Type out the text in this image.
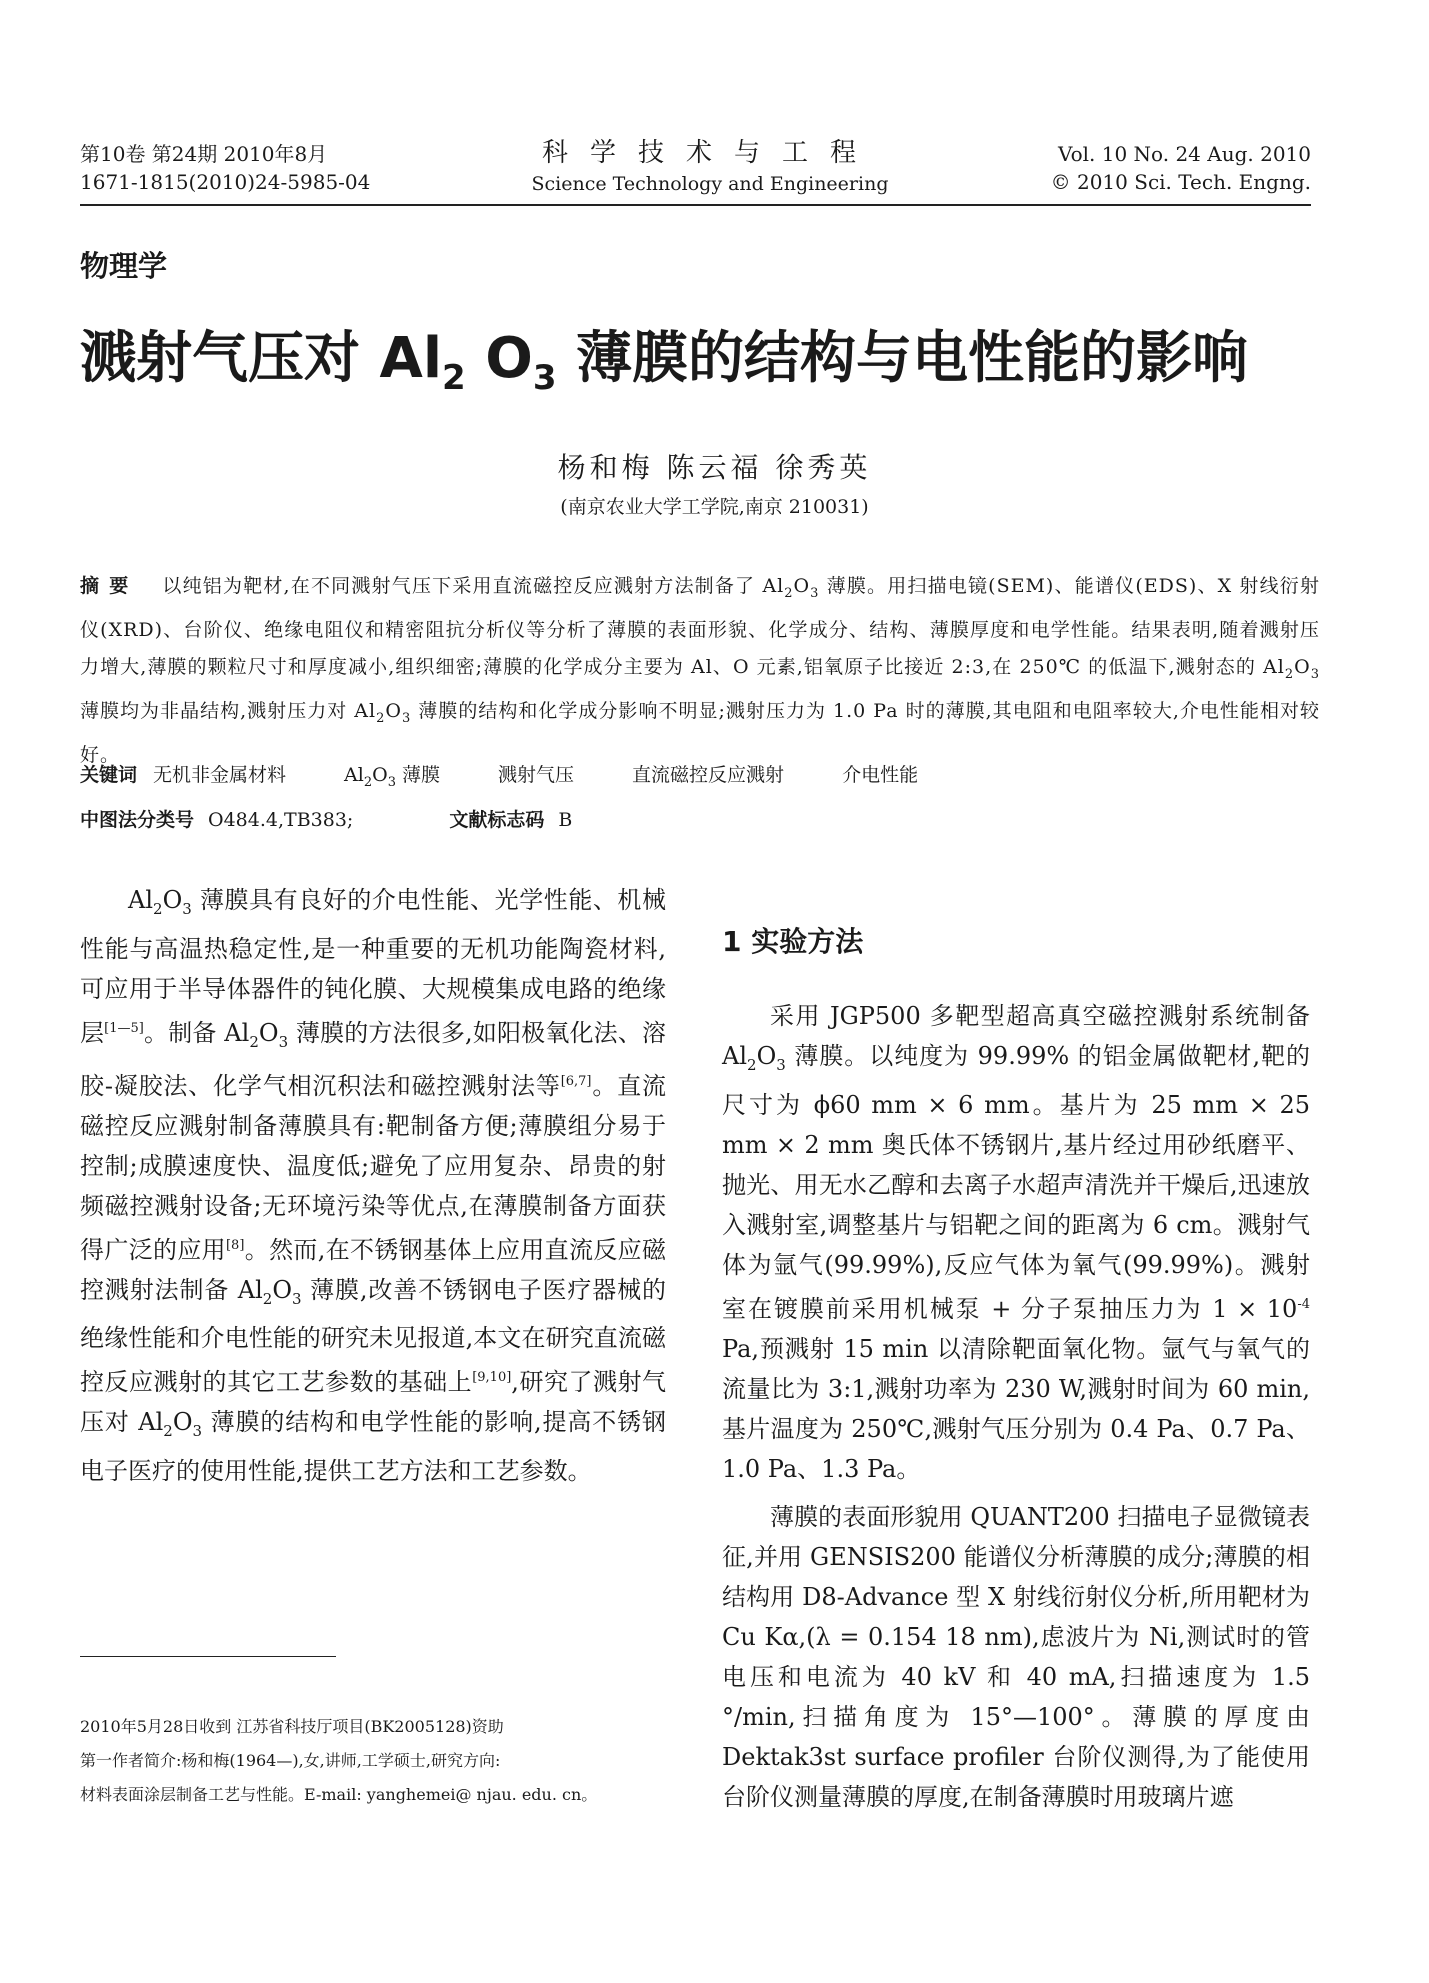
第10卷 第24期 2010年8月
1671-1815(2010)24-5985-04
科学技术与工程
Science Technology and Engineering
Vol. 10 No. 24 Aug. 2010
© 2010 Sci. Tech. Engng.
物理学
溅射气压对 $Al_2$ $O_3$ 薄膜的结构与电性能的影响
杨和梅 陈云福 徐秀英
(南京农业大学工学院,南京 210031)
摘要 以纯铝为靶材,在不同溅射气压下采用直流磁控反应溅射方法制备了 $Al_2O_3$ 薄膜。用扫描电镜(SEM)、能谱仪(EDS)、X 射线衍射仪(XRD)、台阶仪、绝缘电阻仪和精密阻抗分析仪等分析了薄膜的表面形貌、化学成分、结构、薄膜厚度和电学性能。结果表明,随着溅射压力增大,薄膜的颗粒尺寸和厚度减小,组织细密;薄膜的化学成分主要为 Al、O 元素,铝氧原子比接近 2:3,在 250℃ 的低温下,溅射态的 $Al_2O_3$ 薄膜均为非晶结构,溅射压力对 $Al_2O_3$ 薄膜的结构和化学成分影响不明显;溅射压力为 1.0 Pa 时的薄膜,其电阻和电阻率较大,介电性能相对较好。
关键词 无机非金属材料	$Al_2O_3$ 薄膜	溅射气压	直流磁控反应溅射	介电性能
中图法分类号 O484.4,TB383;	文献标志码 B

$Al_2O_3$ 薄膜具有良好的介电性能、光学性能、机械性能与高温热稳定性,是一种重要的无机功能陶瓷材料,可应用于半导体器件的钝化膜、大规模集成电路的绝缘层[1—5]。制备 $Al_2O_3$ 薄膜的方法很多,如阳极氧化法、溶胶-凝胶法、化学气相沉积法和磁控溅射法等[6,7]。直流磁控反应溅射制备薄膜具有:靶制备方便;薄膜组分易于控制;成膜速度快、温度低;避免了应用复杂、昂贵的射频磁控溅射设备;无环境污染等优点,在薄膜制备方面获得广泛的应用[8]。然而,在不锈钢基体上应用直流反应磁控溅射法制备 $Al_2O_3$ 薄膜,改善不锈钢电子医疗器械的绝缘性能和介电性能的研究未见报道,本文在研究直流磁控反应溅射的其它工艺参数的基础上[9,10],研究了溅射气压对 $Al_2O_3$ 薄膜的结构和电学性能的影响,提高不锈钢电子医疗的使用性能,提供工艺方法和工艺参数。

1 实验方法

采用 JGP500 多靶型超高真空磁控溅射系统制备 $Al_2O_3$ 薄膜。以纯度为 99.99% 的铝金属做靶材,靶的尺寸为 ϕ60 mm × 6 mm。基片为 25 mm × 25 mm × 2 mm 奥氏体不锈钢片,基片经过用砂纸磨平、抛光、用无水乙醇和去离子水超声清洗并干燥后,迅速放入溅射室,调整基片与铝靶之间的距离为 6 cm。溅射气体为氩气(99.99%),反应气体为氧气(99.99%)。溅射室在镀膜前采用机械泵 + 分子泵抽压力为 $1 \times 10^{-4}$ Pa,预溅射 15 min 以清除靶面氧化物。氩气与氧气的流量比为 3:1,溅射功率为 230 W,溅射时间为 60 min,基片温度为 250℃,溅射气压分别为 0.4 Pa、0.7 Pa、1.0 Pa、1.3 Pa。

薄膜的表面形貌用 QUANT200 扫描电子显微镜表征,并用 GENSIS200 能谱仪分析薄膜的成分;薄膜的相结构用 D8-Advance 型 X 射线衍射仪分析,所用靶材为 Cu Kα,(λ = 0.154 18 nm),虑波片为 Ni,测试时的管电压和电流为 40 kV 和 40 mA,扫描速度为 1.5 °/min,扫描角度为 15°—100°。薄膜的厚度由 Dektak3st surface profiler 台阶仪测得,为了能使用台阶仪测量薄膜的厚度,在制备薄膜时用玻璃片遮

2010年5月28日收到 江苏省科技厅项目(BK2005128)资助
第一作者简介:杨和梅(1964—),女,讲师,工学硕士,研究方向:
材料表面涂层制备工艺与性能。E-mail: yanghemei@ njau. edu. cn。
